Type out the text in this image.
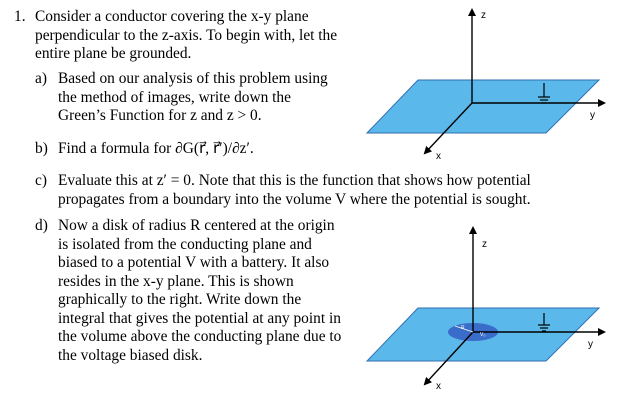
1. Consider a conductor covering the x-y plane
perpendicular to the z-axis. To begin with, let the
entire plane be grounded.
a) Based on our analysis of this problem using
the method of images, write down the
Green’s Function for z and z > 0.
b) Find a formula for ∂G(r⃗, r⃗′)/∂z′.
c) Evaluate this at z′ = 0. Note that this is the function that shows how potential
propagates from a boundary into the volume V where the potential is sought.
d) Now a disk of radius R centered at the origin
is isolated from the conducting plane and
biased to a potential V with a battery. It also
resides in the x-y plane. This is shown
graphically to the right. Write down the
integral that gives the potential at any point in
the volume above the conducting plane due to
the voltage biased disk.
z
y
x
R
V₀
z
y
x
